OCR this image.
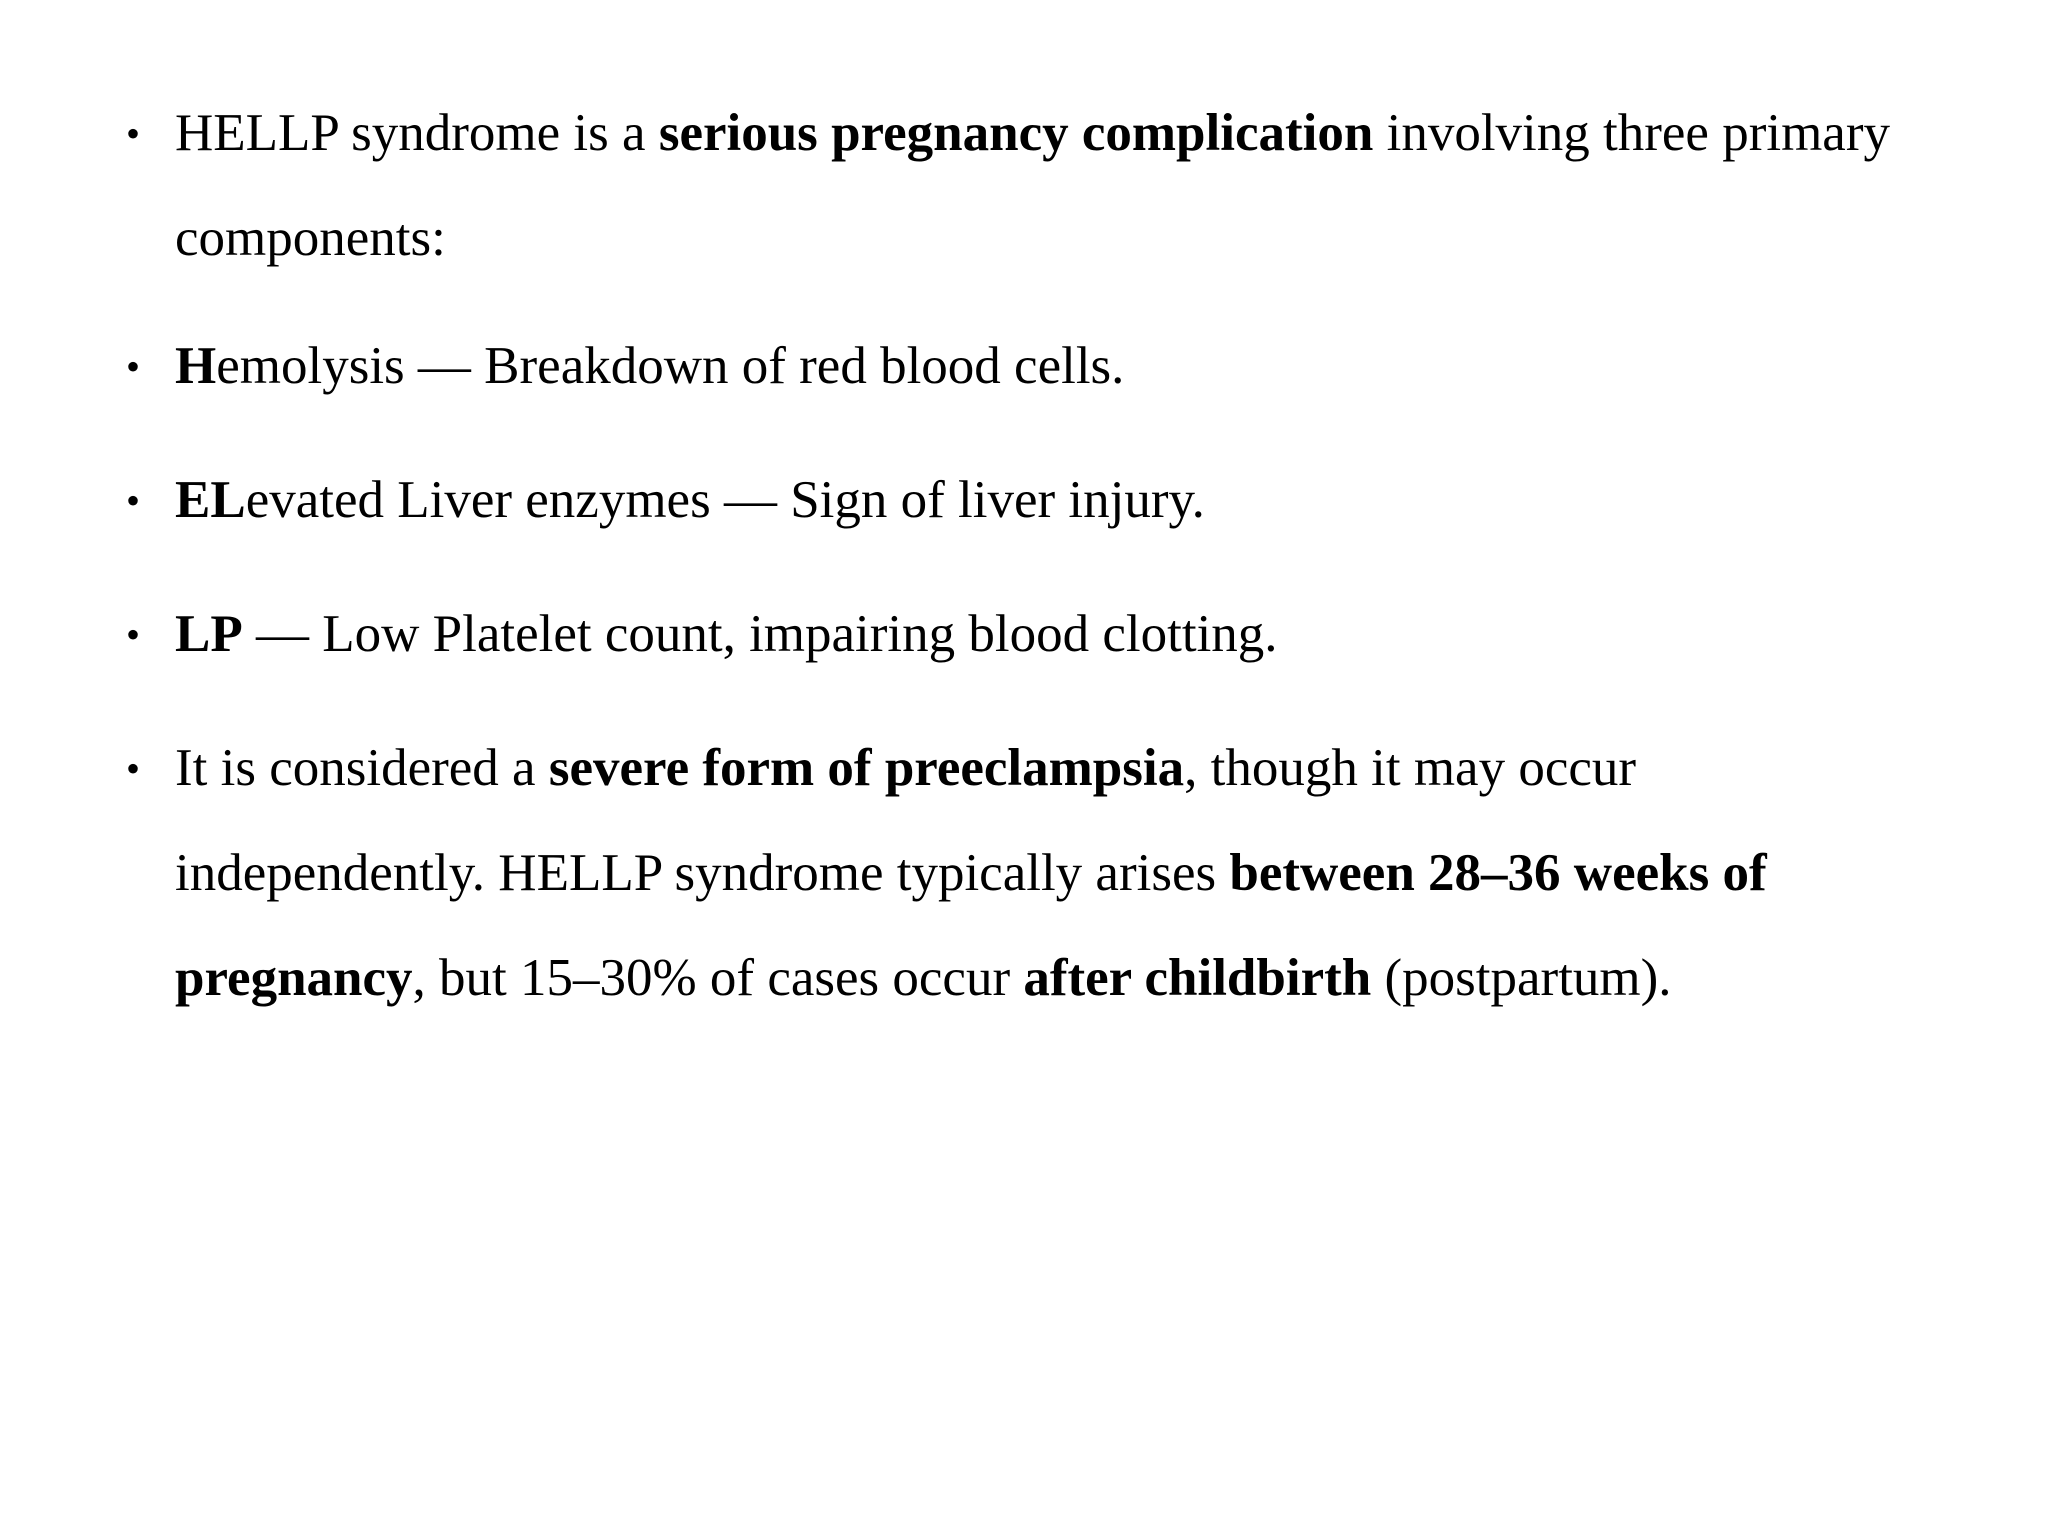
• HELLP syndrome is a serious pregnancy complication involving three primary components:
• Hemolysis — Breakdown of red blood cells.
• ELevated Liver enzymes — Sign of liver injury.
• LP — Low Platelet count, impairing blood clotting.
• It is considered a severe form of preeclampsia, though it may occur independently. HELLP syndrome typically arises between 28–36 weeks of pregnancy, but 15–30% of cases occur after childbirth (postpartum).
